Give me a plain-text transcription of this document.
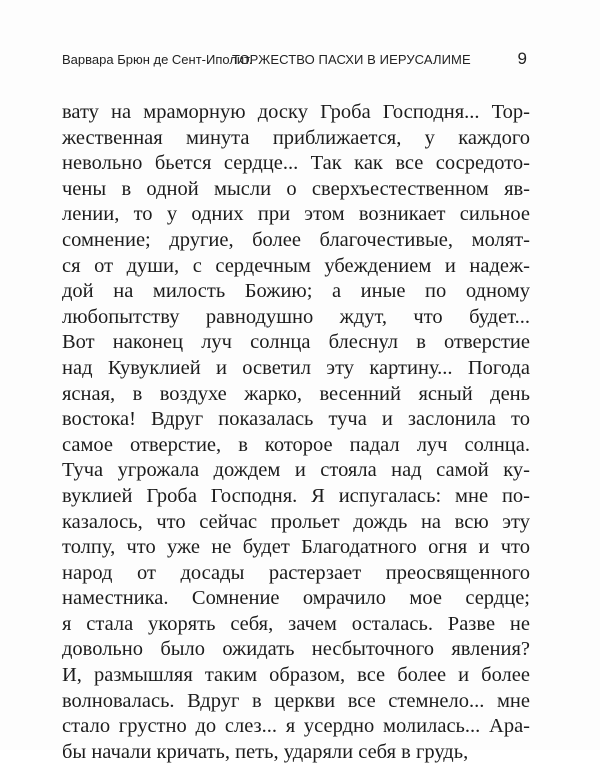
Варвара Брюн де Сент-Иполит.
ТОРЖЕСТВО ПАСХИ В ИЕРУСАЛИМЕ	9
вату на мраморную доску Гроба Господня... Тор-
жественная минута приближается, у каждого
невольно бьется сердце... Так как все сосредото-
чены в одной мысли о сверхъестественном яв-
лении, то у одних при этом возникает сильное
сомнение; другие, более благочестивые, молят-
ся от души, с сердечным убеждением и надеж-
дой на милость Божию; а иные по одному
любопытству равнодушно ждут, что будет...
Вот наконец луч солнца блеснул в отверстие
над Кувуклией и осветил эту картину... Погода
ясная, в воздухе жарко, весенний ясный день
востока! Вдруг показалась туча и заслонила то
самое отверстие, в которое падал луч солнца.
Туча угрожала дождем и стояла над самой ку-
вуклией Гроба Господня. Я испугалась: мне по-
казалось, что сейчас прольет дождь на всю эту
толпу, что уже не будет Благодатного огня и что
народ от досады растерзает преосвященного
наместника. Сомнение омрачило мое сердце;
я стала укорять себя, зачем осталась. Разве не
довольно было ожидать несбыточного явления?
И, размышляя таким образом, все более и более
волновалась. Вдруг в церкви все стемнело... мне
стало грустно до слез... я усердно молилась... Ара-
бы начали кричать, петь, ударяли себя в грудь,
